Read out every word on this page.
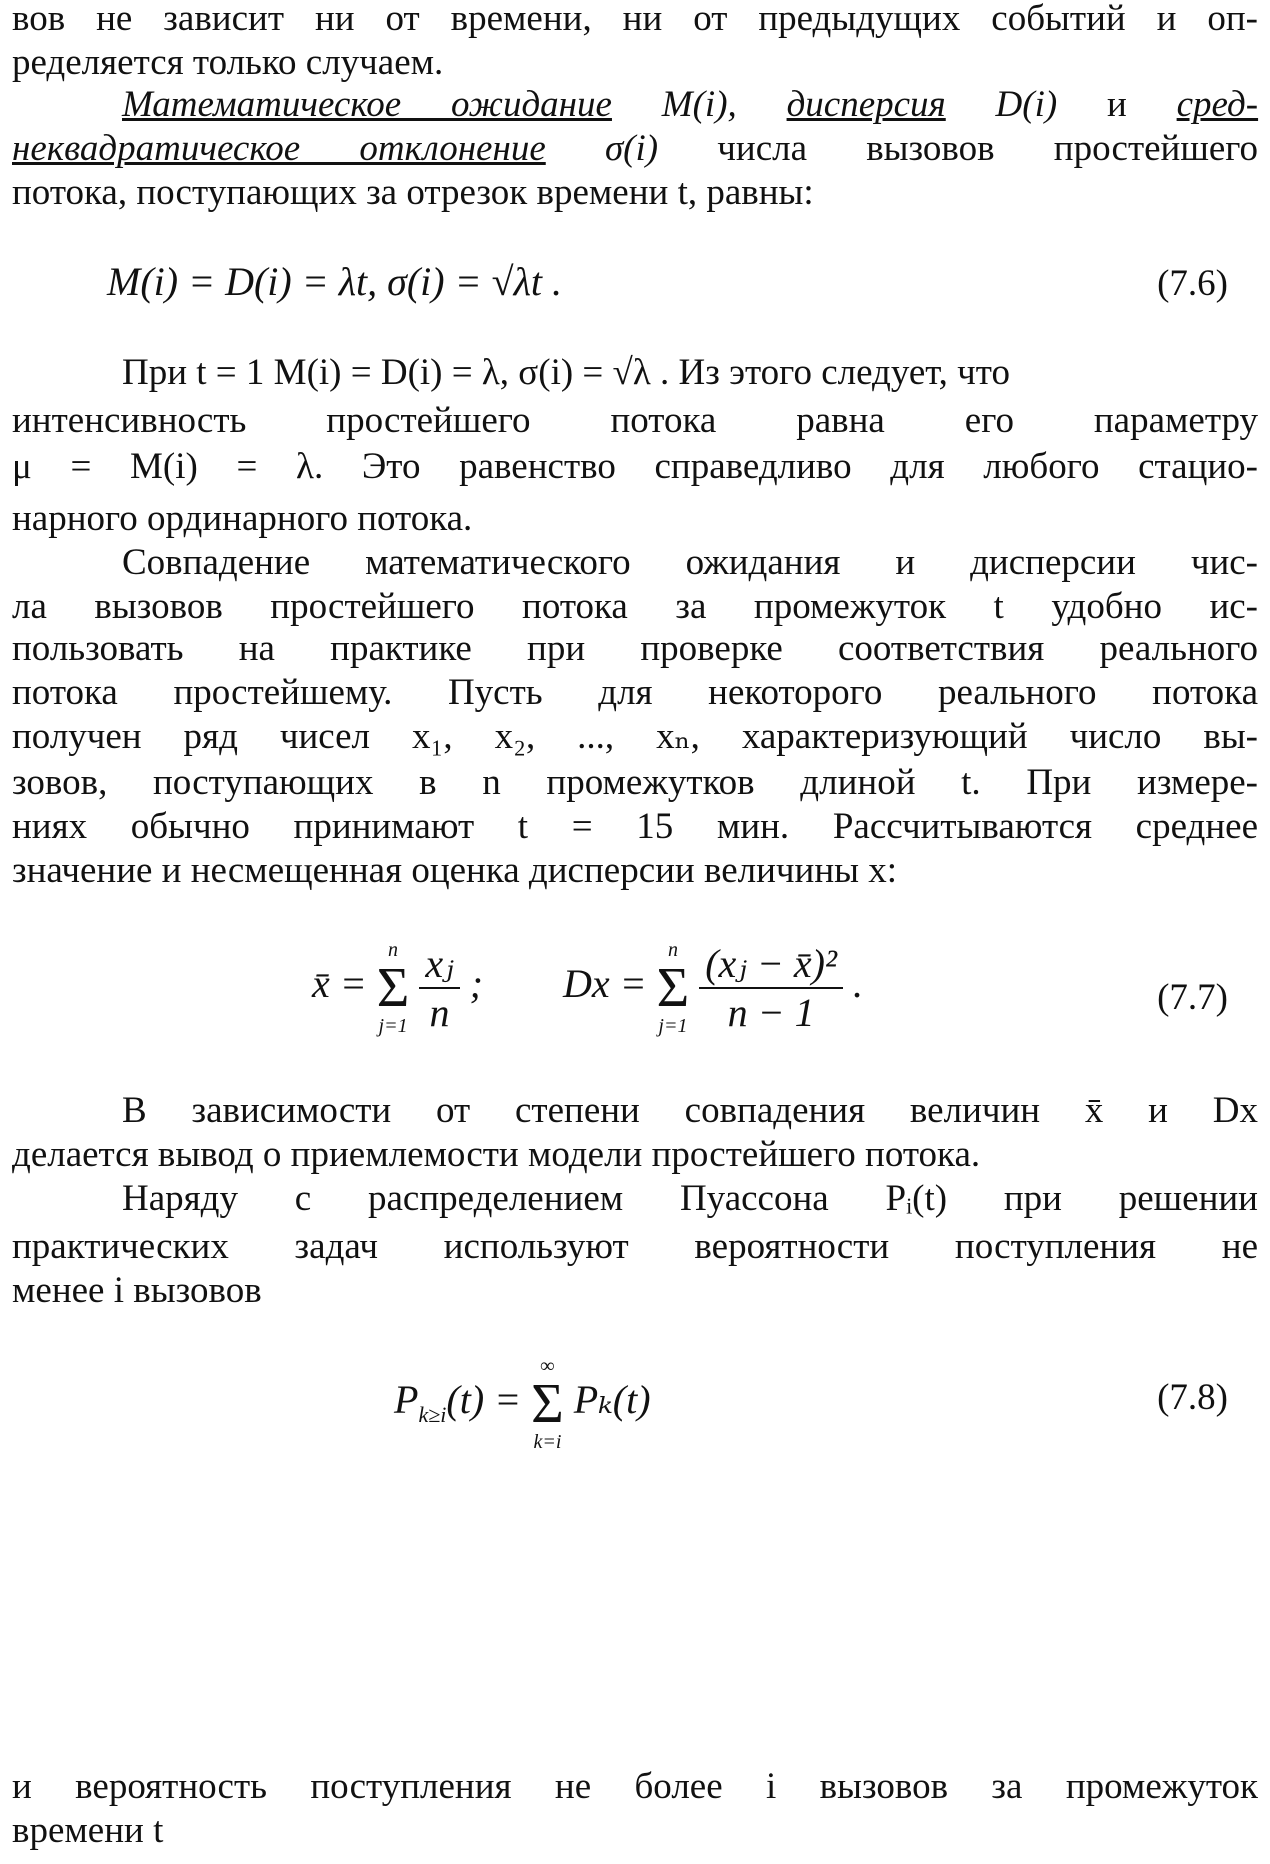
вов не зависит ни от времени, ни от предыдущих событий и оп-
ределяется только случаем.
Математическое ожидание M(i), дисперсия D(i) и сред-
неквадратическое отклонение σ(i) числа вызовов простейшего
потока, поступающих за отрезок времени t, равны:
M(i) = D(i) = λt, σ(i) = √λt .	(7.6)
При t = 1 M(i) = D(i) = λ, σ(i) = √λ . Из этого следует, что
интенсивность простейшего потока равна его параметру
μ = M(i) = λ. Это равенство справедливо для любого стацио-
нарного ординарного потока.
Совпадение математического ожидания и дисперсии чис-
ла вызовов простейшего потока за промежуток t удобно ис-
пользовать на практике при проверке соответствия реального
потока простейшему. Пусть для некоторого реального потока
получен ряд чисел x₁, x₂, ..., xₙ, характеризующий число вы-
зовов, поступающих в n промежутков длиной t. При измере-
ниях обычно принимают t = 15 мин. Рассчитываются среднее
значение и несмещенная оценка дисперсии величины x:
x̄ =
n
Σ
j=1
$\frac{\text{xⱼ}}{n}$ ; Dx =
n
Σ
j=1
$\frac{\text{(xⱼ − x̄)²}}{n - 1}$ .	(7.7)
В зависимости от степени совпадения величин x̄ и Dx
делается вывод о приемлемости модели простейшего потока.
Наряду с распределением Пуассона Pᵢ(t) при решении
практических задач используют вероятности поступления не
менее i вызовов
$P_{k\ge i}(t)$ =
∞
Σ
k=i
Pₖ(t)	(7.8)
и вероятность поступления не более i вызовов за промежуток
времени t
